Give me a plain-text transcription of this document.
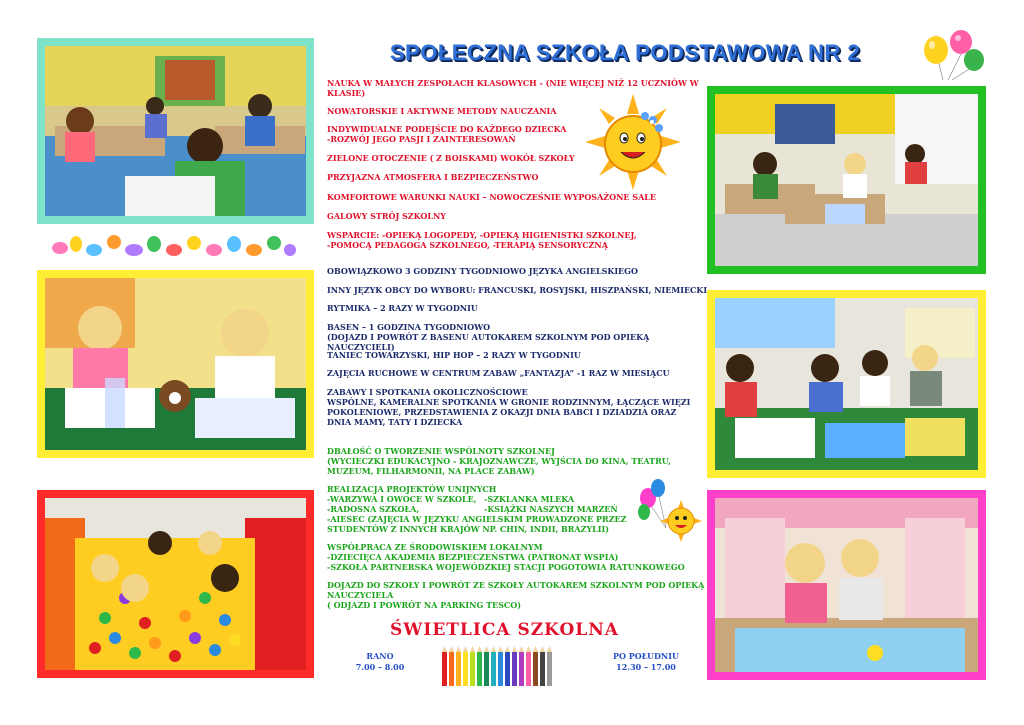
SPOŁECZNA SZKOŁA PODSTAWOWA NR 2
NAUKA W MAŁYCH ZESPOŁACH KLASOWYCH - (NIE WIĘCEJ NIŻ 12 UCZNIÓW W KLASIE)
NOWATORSKIE I AKTYWNE METODY NAUCZANIA
INDYWIDUALNE PODEJŚCIE DO KAŻDEGO DZIECKA
-ROZWÓJ JEGO PASJI I ZAINTERESOWAŃ
ZIELONE OTOCZENIE ( Z BOISKAMI) WOKÓŁ SZKOŁY
PRZYJAZNA ATMOSFERA I BEZPIECZEŃSTWO
KOMFORTOWE WARUNKI NAUKI – NOWOCZEŚNIE WYPOSAŻONE SALE
GALOWY STRÓJ SZKOLNY
WSPARCIE: -OPIEKĄ LOGOPEDY, -OPIEKĄ HIGIENISTKI SZKOLNEJ,
-POMOCĄ PEDAGOGA SZKOLNEGO, -TERAPIĄ SENSORYCZNĄ
OBOWIĄZKOWO 3 GODZINY TYGODNIOWO JĘZYKA ANGIELSKIEGO
INNY JĘZYK OBCY DO WYBORU: FRANCUSKI, ROSYJSKI, HISZPAŃSKI, NIEMIECKI
RYTMIKA – 2 RAZY W TYGODNIU
BASEN – 1 GODZINA TYGODNIOWO
(DOJAZD I POWRÓT Z BASENU AUTOKAREM SZKOLNYM POD OPIEKĄ NAUCZYCIELI)
TANIEC TOWARZYSKI, HIP HOP – 2 RAZY W TYGODNIU
ZAJĘCIA RUCHOWE W CENTRUM ZABAW „FANTAZJA” -1 RAZ W MIESIĄCU
ZABAWY I SPOTKANIA OKOLICZNOŚCIOWE
WSPÓLNE, KAMERALNE SPOTKANIA W GRONIE RODZINNYM, ŁĄCZĄCE WIĘZI POKOLENIOWE, PRZEDSTAWIENIA Z OKAZJI DNIA BABCI I DZIADZIA ORAZ DNIA MAMY, TATY I DZIECKA
DBAŁOŚĆ O TWORZENIE WSPÓLNOTY SZKOLNEJ
(WYCIECZKI EDUKACYJNO - KRAJOZNAWCZE, WYJŚCIA DO KINA, TEATRU, MUZEUM, FILHARMONII, NA PLACE ZABAW)
REALIZACJA PROJEKTÓW UNIJNYCH
-WARZYWA I OWOCE W SZKOLE,
-RADOSNA SZKOŁA,
-SZKLANKA MLEKA
-KSIĄŻKI NASZYCH MARZEŃ
-AIESEC (ZAJĘCIA W JĘZYKU ANGIELSKIM PROWADZONE PRZEZ STUDENTÓW Z INNYCH KRAJÓW NP. CHIN, INDII, BRAZYLII)
WSPÓŁPRACA ZE ŚRODOWISKIEM LOKALNYM
-DZIECIĘCA AKADEMIA BEZPIECZEŃSTWA (PATRONAT WSPIA)
-SZKOŁA PARTNERSKA WOJEWÓDZKIEJ STACJI POGOTOWIA RATUNKOWEGO
DOJAZD DO SZKOŁY I POWRÓT ZE SZKOŁY AUTOKAREM SZKOLNYM POD OPIEKĄ NAUCZYCIELA
( ODJAZD I POWRÓT NA PARKING TESCO)
ŚWIETLICA SZKOLNA
RANO
7.00 – 8.00
PO POŁUDNIU
12.30 – 17.00
